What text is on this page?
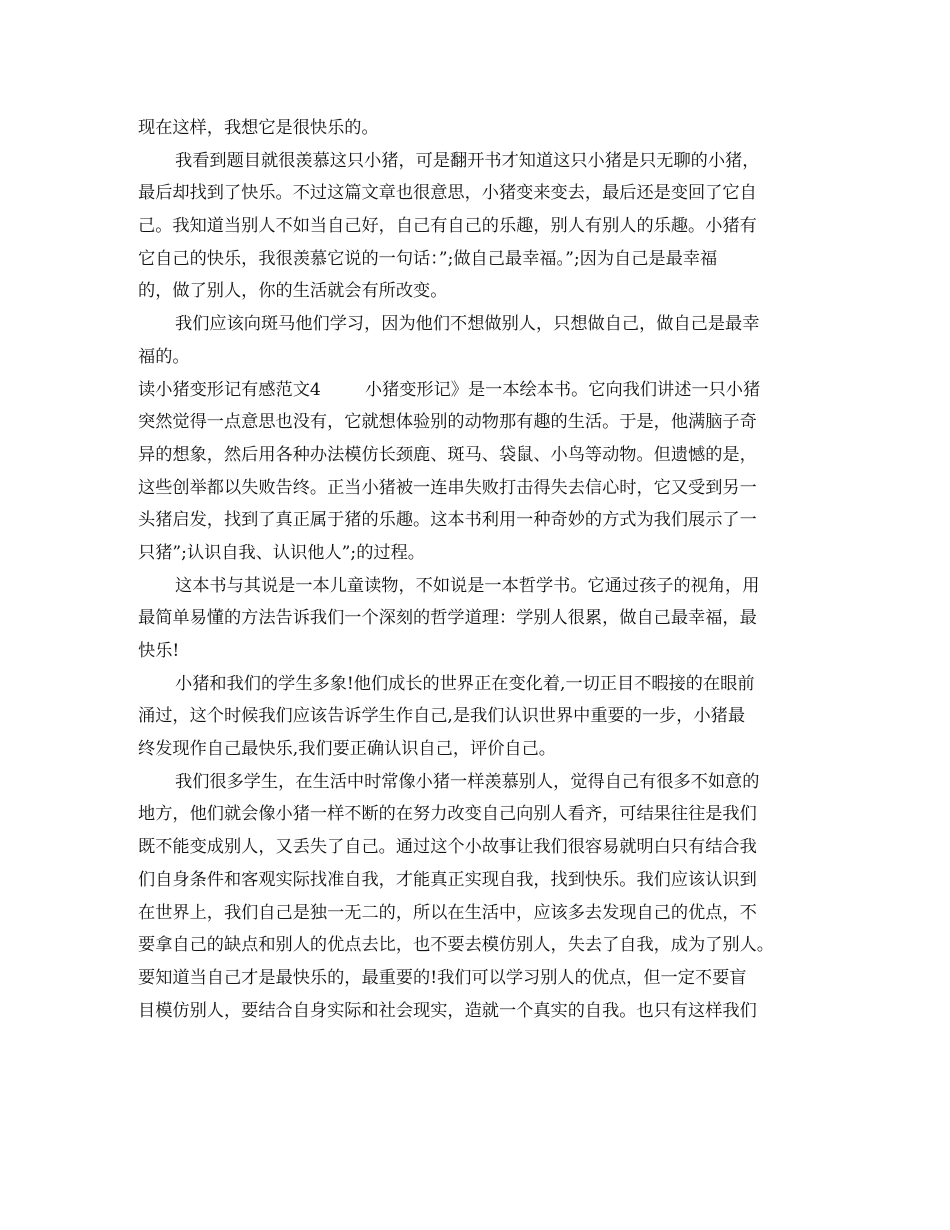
现在这样，我想它是很快乐的。
我看到题目就很羡慕这只小猪，可是翻开书才知道这只小猪是只无聊的小猪，
最后却找到了快乐。不过这篇文章也很意思，小猪变来变去，最后还是变回了它自
己。我知道当别人不如当自己好，自己有自己的乐趣，别人有别人的乐趣。小猪有
它自己的快乐，我很羡慕它说的一句话：”;做自己最幸福。”;因为自己是最幸福
的，做了别人，你的生活就会有所改变。
我们应该向斑马他们学习，因为他们不想做别人，只想做自己，做自己是最幸
福的。
读小猪变形记有感范文4	小猪变形记》是一本绘本书。它向我们讲述一只小猪
突然觉得一点意思也没有，它就想体验别的动物那有趣的生活。于是，他满脑子奇
异的想象，然后用各种办法模仿长颈鹿、斑马、袋鼠、小鸟等动物。但遗憾的是，
这些创举都以失败告终。正当小猪被一连串失败打击得失去信心时，它又受到另一
头猪启发，找到了真正属于猪的乐趣。这本书利用一种奇妙的方式为我们展示了一
只猪”;认识自我、认识他人”;的过程。
这本书与其说是一本儿童读物，不如说是一本哲学书。它通过孩子的视角，用
最简单易懂的方法告诉我们一个深刻的哲学道理：学别人很累，做自己最幸福，最
快乐!
小猪和我们的学生多象!他们成长的世界正在变化着,一切正目不暇接的在眼前
涌过，这个时候我们应该告诉学生作自己,是我们认识世界中重要的一步，小猪最
终发现作自己最快乐,我们要正确认识自己，评价自己。
我们很多学生，在生活中时常像小猪一样羡慕别人，觉得自己有很多不如意的
地方，他们就会像小猪一样不断的在努力改变自己向别人看齐，可结果往往是我们
既不能变成别人，又丢失了自己。通过这个小故事让我们很容易就明白只有结合我
们自身条件和客观实际找准自我，才能真正实现自我，找到快乐。我们应该认识到
在世界上，我们自己是独一无二的，所以在生活中，应该多去发现自己的优点，不
要拿自己的缺点和别人的优点去比，也不要去模仿别人，失去了自我，成为了别人。
要知道当自己才是最快乐的，最重要的!我们可以学习别人的优点，但一定不要盲
目模仿别人，要结合自身实际和社会现实，造就一个真实的自我。也只有这样我们
